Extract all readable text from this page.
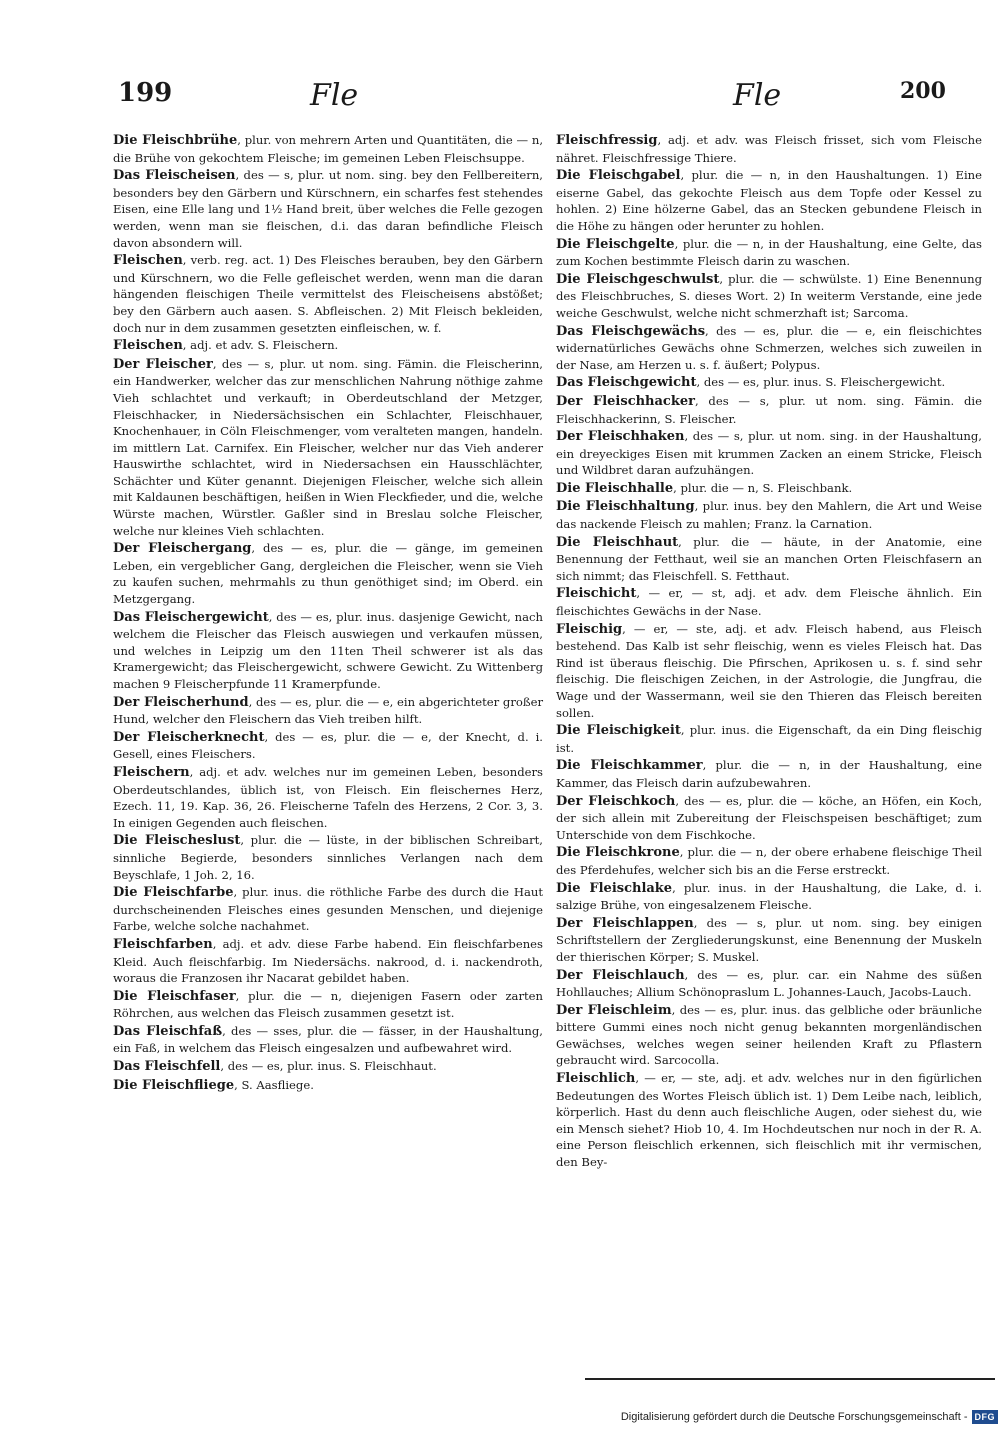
199	Fle	Fle	200

Die Fleischbrühe, plur. von mehrern Arten und Quantitäten, die — n, die Brühe von gekochtem Fleische; im gemeinen Leben Fleischsuppe.

Das Fleischeisen, des — s, plur. ut nom. sing. bey den Fellbereitern, besonders bey den Gärbern und Kürschnern, ein scharfes fest stehendes Eisen, eine Elle lang und 1½ Hand breit, über welches die Felle gezogen werden, wenn man sie fleischen, d.i. das daran befindliche Fleisch davon absondern will.

Fleischen, verb. reg. act. 1) Des Fleisches berauben, bey den Gärbern und Kürschnern, wo die Felle gefleischet werden, wenn man die daran hängenden fleischigen Theile vermittelst des Fleischeisens abstößet; bey den Gärbern auch aasen. S. Abfleischen. 2) Mit Fleisch bekleiden, doch nur in dem zusammen gesetzten einfleischen, w. f.

Fleischen, adj. et adv. S. Fleischern.

Der Fleischer, des — s, plur. ut nom. sing. Fämin. die Fleischerinn, ein Handwerker, welcher das zur menschlichen Nahrung nöthige zahme Vieh schlachtet und verkauft; in Oberdeutschland der Metzger, Fleischhacker, in Niedersächsischen ein Schlachter, Fleischhauer, Knochenhauer, in Cöln Fleischmenger, vom veralteten mangen, handeln. im mittlern Lat. Carnifex. Ein Fleischer, welcher nur das Vieh anderer Hauswirthe schlachtet, wird in Niedersachsen ein Hausschlächter, Schächter und Küter genannt. Diejenigen Fleischer, welche sich allein mit Kaldaunen beschäftigen, heißen in Wien Fleckfieder, und die, welche Würste machen, Würstler. Gaßler sind in Breslau solche Fleischer, welche nur kleines Vieh schlachten.

Der Fleischergang, des — es, plur. die — gänge, im gemeinen Leben, ein vergeblicher Gang, dergleichen die Fleischer, wenn sie Vieh zu kaufen suchen, mehrmahls zu thun genöthiget sind; im Oberd. ein Metzgergang.

Das Fleischergewicht, des — es, plur. inus. dasjenige Gewicht, nach welchem die Fleischer das Fleisch auswiegen und verkaufen müssen, und welches in Leipzig um den 11ten Theil schwerer ist als das Kramergewicht; das Fleischergewicht, schwere Gewicht. Zu Wittenberg machen 9 Fleischerpfunde 11 Kramerpfunde.

Der Fleischerhund, des — es, plur. die — e, ein abgerichteter großer Hund, welcher den Fleischern das Vieh treiben hilft.

Der Fleischerknecht, des — es, plur. die — e, der Knecht, d. i. Gesell, eines Fleischers.

Fleischern, adj. et adv. welches nur im gemeinen Leben, besonders Oberdeutschlandes, üblich ist, von Fleisch. Ein fleischernes Herz, Ezech. 11, 19. Kap. 36, 26. Fleischerne Tafeln des Herzens, 2 Cor. 3, 3. In einigen Gegenden auch fleischen.

Die Fleischeslust, plur. die — lüste, in der biblischen Schreibart, sinnliche Begierde, besonders sinnliches Verlangen nach dem Beyschlafe, 1 Joh. 2, 16.

Die Fleischfarbe, plur. inus. die röthliche Farbe des durch die Haut durchscheinenden Fleisches eines gesunden Menschen, und diejenige Farbe, welche solche nachahmet.

Fleischfarben, adj. et adv. diese Farbe habend. Ein fleischfarbenes Kleid. Auch fleischfarbig. Im Niedersächs. nakrood, d. i. nackendroth, woraus die Franzosen ihr Nacarat gebildet haben.

Die Fleischfaser, plur. die — n, diejenigen Fasern oder zarten Röhrchen, aus welchen das Fleisch zusammen gesetzt ist.

Das Fleischfaß, des — sses, plur. die — fässer, in der Haushaltung, ein Faß, in welchem das Fleisch eingesalzen und aufbewahret wird.

Das Fleischfell, des — es, plur. inus. S. Fleischhaut.

Die Fleischfliege, S. Aasfliege.

Fleischfressig, adj. et adv. was Fleisch frisset, sich vom Fleische nähret. Fleischfressige Thiere.

Die Fleischgabel, plur. die — n, in den Haushaltungen. 1) Eine eiserne Gabel, das gekochte Fleisch aus dem Topfe oder Kessel zu hohlen. 2) Eine hölzerne Gabel, das an Stecken gebundene Fleisch in die Höhe zu hängen oder herunter zu hohlen.

Die Fleischgelte, plur. die — n, in der Haushaltung, eine Gelte, das zum Kochen bestimmte Fleisch darin zu waschen.

Die Fleischgeschwulst, plur. die — schwülste. 1) Eine Benennung des Fleischbruches, S. dieses Wort. 2) In weiterm Verstande, eine jede weiche Geschwulst, welche nicht schmerzhaft ist; Sarcoma.

Das Fleischgewächs, des — es, plur. die — e, ein fleischichtes widernatürliches Gewächs ohne Schmerzen, welches sich zuweilen in der Nase, am Herzen u. s. f. äußert; Polypus.

Das Fleischgewicht, des — es, plur. inus. S. Fleischergewicht.

Der Fleischhacker, des — s, plur. ut nom. sing. Fämin. die Fleischhackerinn, S. Fleischer.

Der Fleischhaken, des — s, plur. ut nom. sing. in der Haushaltung, ein dreyeckiges Eisen mit krummen Zacken an einem Stricke, Fleisch und Wildbret daran aufzuhängen.

Die Fleischhalle, plur. die — n, S. Fleischbank.

Die Fleischhaltung, plur. inus. bey den Mahlern, die Art und Weise das nackende Fleisch zu mahlen; Franz. la Carnation.

Die Fleischhaut, plur. die — häute, in der Anatomie, eine Benennung der Fetthaut, weil sie an manchen Orten Fleischfasern an sich nimmt; das Fleischfell. S. Fetthaut.

Fleischicht, — er, — st, adj. et adv. dem Fleische ähnlich. Ein fleischichtes Gewächs in der Nase.

Fleischig, — er, — ste, adj. et adv. Fleisch habend, aus Fleisch bestehend. Das Kalb ist sehr fleischig, wenn es vieles Fleisch hat. Das Rind ist überaus fleischig. Die Pfirschen, Aprikosen u. s. f. sind sehr fleischig. Die fleischigen Zeichen, in der Astrologie, die Jungfrau, die Wage und der Wassermann, weil sie den Thieren das Fleisch bereiten sollen.

Die Fleischigkeit, plur. inus. die Eigenschaft, da ein Ding fleischig ist.

Die Fleischkammer, plur. die — n, in der Haushaltung, eine Kammer, das Fleisch darin aufzubewahren.

Der Fleischkoch, des — es, plur. die — köche, an Höfen, ein Koch, der sich allein mit Zubereitung der Fleischspeisen beschäftiget; zum Unterschide von dem Fischkoche.

Die Fleischkrone, plur. die — n, der obere erhabene fleischige Theil des Pferdehufes, welcher sich bis an die Ferse erstreckt.

Die Fleischlake, plur. inus. in der Haushaltung, die Lake, d. i. salzige Brühe, von eingesalzenem Fleische.

Der Fleischlappen, des — s, plur. ut nom. sing. bey einigen Schriftstellern der Zergliederungskunst, eine Benennung der Muskeln der thierischen Körper; S. Muskel.

Der Fleischlauch, des — es, plur. car. ein Nahme des süßen Hohllauches; Allium Schönopraslum L. Johannes-Lauch, Jacobs-Lauch.

Der Fleischleim, des — es, plur. inus. das gelbliche oder bräunliche bittere Gummi eines noch nicht genug bekannten morgenländischen Gewächses, welches wegen seiner heilenden Kraft zu Pflastern gebraucht wird. Sarcocolla.

Fleischlich, — er, — ste, adj. et adv. welches nur in den figürlichen Bedeutungen des Wortes Fleisch üblich ist. 1) Dem Leibe nach, leiblich, körperlich. Hast du denn auch fleischliche Augen, oder siehest du, wie ein Mensch siehet? Hiob 10, 4. Im Hochdeutschen nur noch in der R. A. eine Person fleischlich erkennen, sich fleischlich mit ihr vermischen, den Bey-

Digitalisierung gefördert durch die Deutsche Forschungsgemeinschaft - DFG
